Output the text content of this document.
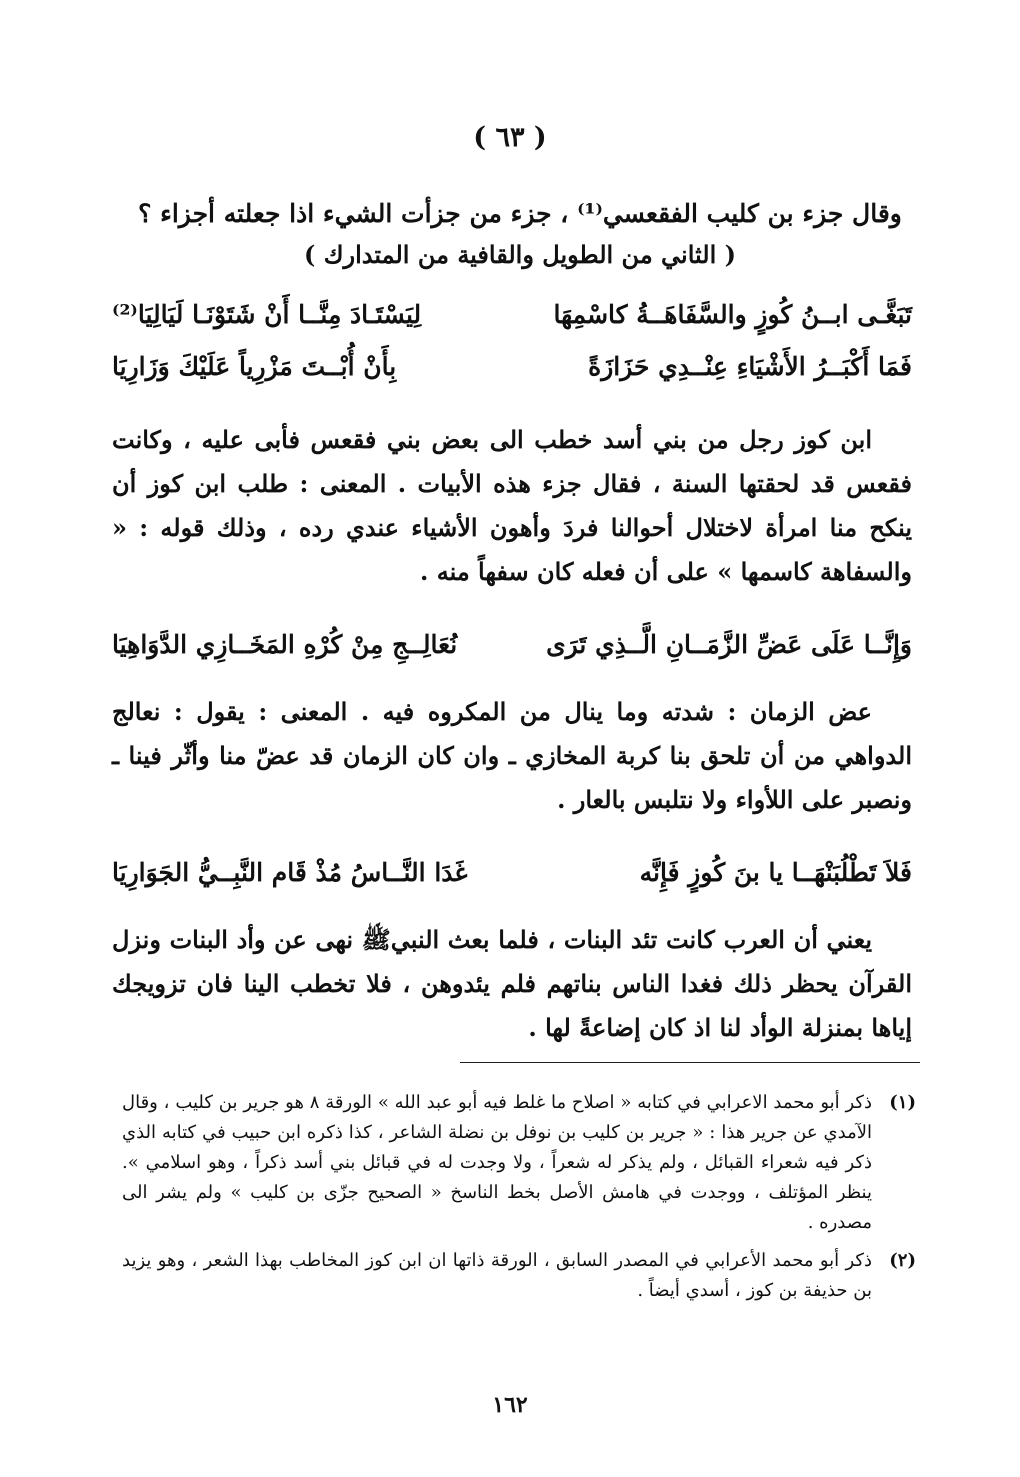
( ٦٣ )
وقال جزء بن كليب الفقعسي⁽¹⁾ ، جزء من جزأت الشيء اذا جعلته أجزاء ؟
( الثاني من الطويل والقافية من المتدارك )
تَبَغَّـى ابــنُ كُوزٍ والسَّفَاهَــةُ كاسْمِهَا
لِيَسْتَـادَ مِنَّــا أَنْ شَتَوْنَـا لَيَالِيَا⁽²⁾
فَمَا أَكْبَــرُ الأَشْيَاءِ عِنْــدِي حَزَازَةً
بِأَنْ أُبْــتَ مَزْرِياً عَلَيْكَ وَزَارِيَا

ابن كوز رجل من بني أسد خطب الى بعض بني فقعس فأبى عليه ، وكانت فقعس قد لحقتها السنة ، فقال جزء هذه الأبيات . المعنى : طلب ابن كوز أن ينكح منا امرأة لاختلال أحوالنا فردَ وأهون الأشياء عندي رده ، وذلك قوله : « والسفاهة كاسمها » على أن فعله كان سفهاً منه .

وَإِنَّــا عَلَى عَضِّ الزَّمَــانِ الَّــذِي تَرَى
نُعَالِــجِ مِنْ كُرْهِ المَخَــازِي الدَّوَاهِيَا

عض الزمان : شدته وما ينال من المكروه فيه . المعنى : يقول : نعالج الدواهي من أن تلحق بنا كربة المخازي ـ وان كان الزمان قد عضّ منا وأثّر فينا ـ ونصبر على اللأواء ولا نتلبس بالعار .

فَلاَ تَطْلُبَنْهَــا يا بنَ كُوزٍ فَإِنَّه
غَدَا النَّــاسُ مُذْ قَام النَّبِــيُّ الجَوَارِيَا

يعني أن العرب كانت تئد البنات ، فلما بعث النبيﷺ نهى عن وأد البنات ونزل القرآن يحظر ذلك فغدا الناس بناتهم فلم يئدوهن ، فلا تخطب الينا فان تزويجك إياها بمنزلة الوأد لنا اذ كان إضاعةً لها .

(١)
ذكر أبو محمد الاعرابي في كتابه « اصلاح ما غلط فيه أبو عبد الله » الورقة ٨ هو جرير بن كليب ، وقال الآمدي عن جرير هذا : « جرير بن كليب بن نوفل بن نضلة الشاعر ، كذا ذكره ابن حبيب في كتابه الذي ذكر فيه شعراء القبائل ، ولم يذكر له شعراً ، ولا وجدت له في قبائل بني أسد ذكراً ، وهو اسلامي ». ينظر المؤتلف ، ووجدت في هامش الأصل بخط الناسخ « الصحيح جزّى بن كليب » ولم يشر الى مصدره .
(٢)
ذكر أبو محمد الأعرابي في المصدر السابق ، الورقة ذاتها ان ابن كوز المخاطب بهذا الشعر ، وهو يزيد بن حذيفة بن كوز ، أسدي أيضاً .
١٦٢
